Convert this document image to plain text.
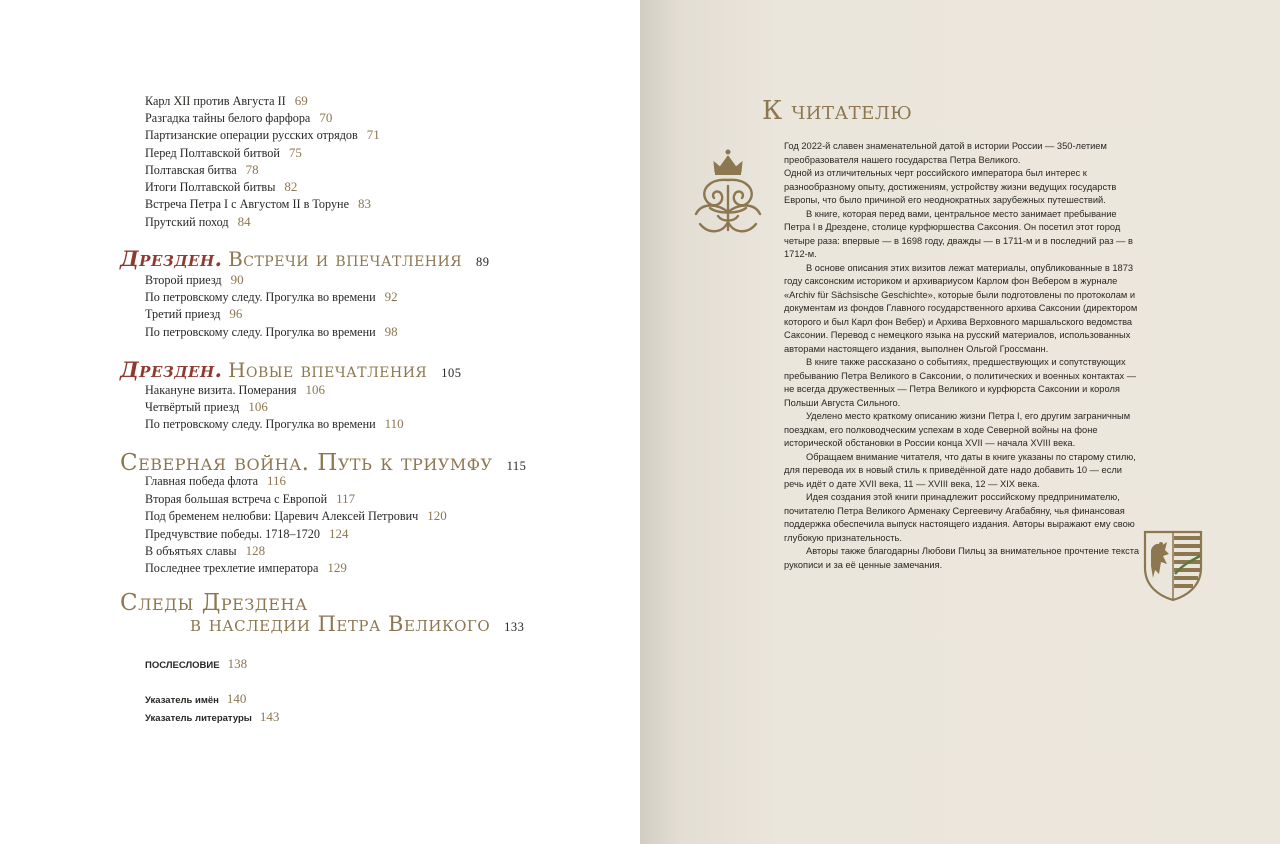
Карл XII против Августа II 69
Разгадка тайны белого фарфора 70
Партизанские операции русских отрядов 71
Перед Полтавской битвой 75
Полтавская битва 78
Итоги Полтавской битвы 82
Встреча Петра I с Августом II в Торуне 83
Прутский поход 84
Дрезден. Встречи и впечатления 89
Второй приезд 90
По петровскому следу. Прогулка во времени 92
Третий приезд 96
По петровскому следу. Прогулка во времени 98
Дрезден. Новые впечатления 105
Накануне визита. Померания 106
Четвёртый приезд 106
По петровскому следу. Прогулка во времени 110
Северная война. Путь к триумфу 115
Главная победа флота 116
Вторая большая встреча с Европой 117
Под бременем нелюбви: Царевич Алексей Петрович 120
Предчувствие победы. 1718–1720 124
В объятьях славы 128
Последнее трехлетие императора 129
Следы Дрездена
в наследии Петра Великого 133
ПОСЛЕСЛОВИЕ 138
Указатель имён 140
Указатель литературы 143
К читателю

Год 2022-й славен знаменательной датой в истории России — 350-летием преобразователя нашего государства Петра Великого.

Одной из отличительных черт российского императора был интерес к разнообразному опыту, достижениям, устройству жизни ведущих государств Европы, что было причиной его неоднократных зарубежных путешествий.

В книге, которая перед вами, центральное место занимает пребывание Петра I в Дрездене, столице курфюршества Саксония. Он посетил этот город четыре раза: впервые — в 1698 году, дважды — в 1711-м и в последний раз — в 1712-м.

В основе описания этих визитов лежат материалы, опубликованные в 1873 году саксонским историком и архивариусом Карлом фон Вебером в журнале «Archiv für Sächsische Geschichte», которые были подготовлены по протоколам и документам из фондов Главного государственного архива Саксонии (директором которого и был Карл фон Вебер) и Архива Верховного маршальского ведомства Саксонии. Перевод с немецкого языка на русский материалов, использованных авторами настоящего издания, выполнен Ольгой Гроссманн.

В книге также рассказано о событиях, предшествующих и сопутствующих пребыванию Петра Великого в Саксонии, о политических и военных контактах — не всегда дружественных — Петра Великого и курфюрста Саксонии и короля Польши Августа Сильного.

Уделено место краткому описанию жизни Петра I, его другим заграничным поездкам, его полководческим успехам в ходе Северной войны на фоне исторической обстановки в России конца XVII — начала XVIII века.

Обращаем внимание читателя, что даты в книге указаны по старому стилю, для перевода их в новый стиль к приведённой дате надо добавить 10 — если речь идёт о дате XVII века, 11 — XVIII века, 12 — XIX века.

Идея создания этой книги принадлежит российскому предпринимателю, почитателю Петра Великого Арменаку Сергеевичу Агабабяну, чья финансовая поддержка обеспечила выпуск настоящего издания. Авторы выражают ему свою глубокую признательность.

Авторы также благодарны Любови Пильц за внимательное прочтение текста рукописи и за её ценные замечания.
